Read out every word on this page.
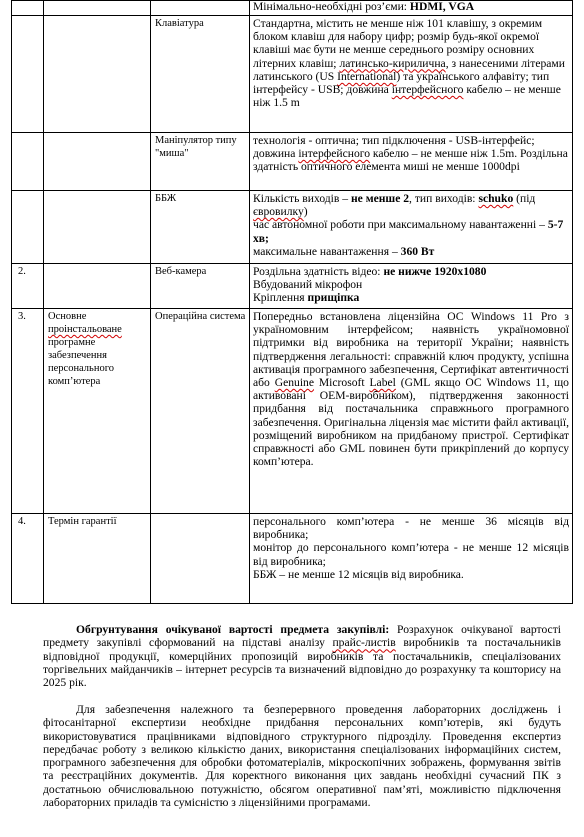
			Мінімально-необхідні роз’єми: HDMI, VGA
		Клавіатура	Стандартна, містить не менше ніж 101 клавішу, з окремим блоком клавіш для набору цифр; розмір будь-якої окремої клавіші має бути не менше середнього розміру основних літерних клавіш; латинсько-кирилична, з нанесеними літерами латинського (US International) та українського алфавіту; тип інтерфейсу - USB; довжина інтерфейсного кабелю – не менше ніж 1.5 m
		Маніпулятор типу "миша"	технологія - оптична; тип підключення - USB-інтерфейс; довжина інтерфейсного кабелю – не менше ніж 1.5m. Роздільна здатність оптичного елемента миші не менше 1000dpi
		ББЖ	Кількість виходів – не менше 2, тип виходів: schuko (під євровилку)
час автономної роботи при максимальному навантаженні – 5-7 хв;
максимальне навантаження – 360 Вт
2.		Веб-камера	Роздільна здатність відео: не нижче 1920х1080
Вбудований мікрофон
Кріплення прищіпка
3.	Основне проінстальоване програмне забезпечення персонального комп’ютера	Операційна система	Попередньо встановлена ліцензійна ОС Windows 11 Pro з україномовним інтерфейсом; наявність україномовної підтримки від виробника на території України; наявність підтвердження легальності: справжній ключ продукту, успішна активація програмного забезпечення, Сертифікат автентичності або Genuine Microsoft Label (GML якщо ОС Windows 11, що активовані OEM-виробником), підтвердження законності придбання від постачальника справжнього програмного забезпечення. Оригінальна ліцензія має містити файл активації, розміщений виробником на придбаному пристрої. Сертифікат справжності або GML повинен бути прикріплений до корпусу комп’ютера.
4.	Термін гарантії		персонального комп’ютера - не менше 36 місяців від виробника;
монітор до персонального комп’ютера - не менше 12 місяців від виробника;
ББЖ – не менше 12 місяців від виробника.

Обгрунтування очікуваної вартості предмета закупівлі: Розрахунок очікуваної вартості предмету закупівлі сформований на підставі аналізу прайс-листів виробників та постачальників відповідної продукції, комерційних пропозицій виробників та постачальників, спеціалізованих торгівельних майданчиків – інтернет ресурсів та визначений відповідно до розрахунку та кошторису на 2025 рік.

Для забезпечення належного та безперервного проведення лабораторних досліджень і фітосанітарної експертизи необхідне придбання персональних комп’ютерів, які будуть використовуватися працівниками відповідного структурного підрозділу. Проведення експертиз передбачає роботу з великою кількістю даних, використання спеціалізованих інформаційних систем, програмного забезпечення для обробки фотоматеріалів, мікроскопічних зображень, формування звітів та реєстраційних документів. Для коректного виконання цих завдань необхідні сучасний ПК з достатньою обчислювальною потужністю, обсягом оперативної пам’яті, можливістю підключення лабораторних приладів та сумісністю з ліцензійними програмами.
